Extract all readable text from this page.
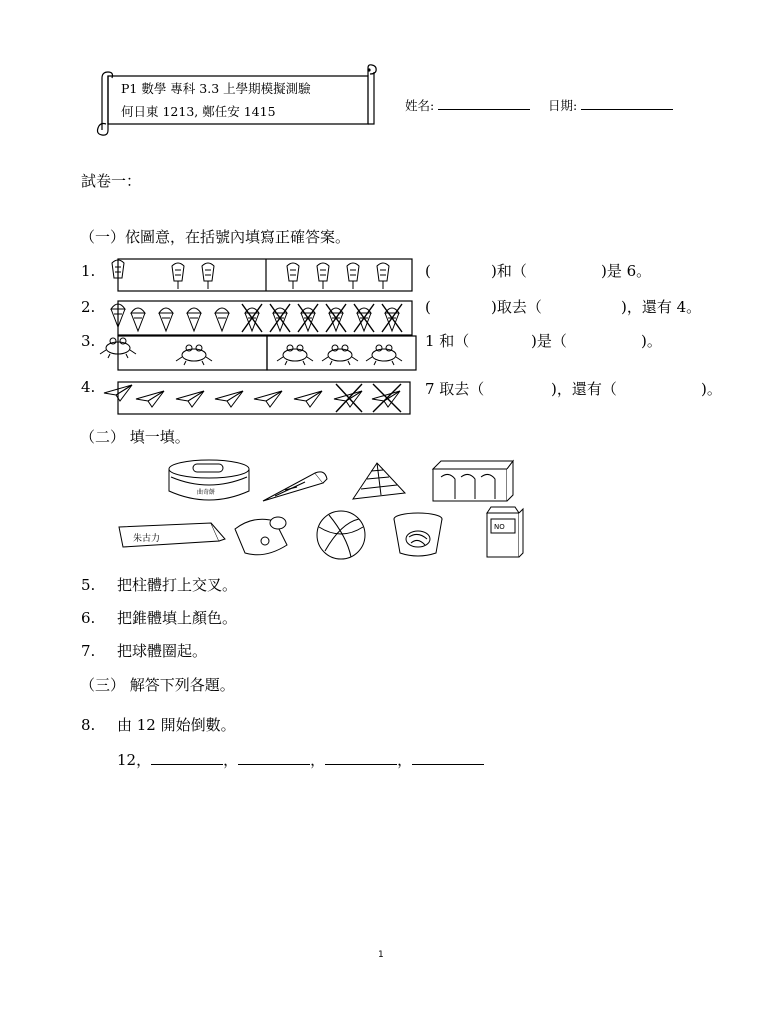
P1 數學 專科 3.3 上學期模擬測驗
何日東 1213, 鄭任安 1415	姓名:	日期:
試卷一：
（一）依圖意，在括號內填寫正確答案。
1.	(	)和（	)是 6。
2.	(	)取去（	)，還有 4。
3.	1 和（	)是（	)。
4.	7 取去（	)，還有（	)。
（二） 填一填。
曲奇餅
朱古力
NO
5. 把柱體打上交叉。
6. 把錐體填上顏色。
7. 把球體圈起。
（三） 解答下列各題。
8. 由 12 開始倒數。
12，	，	，	，
1
